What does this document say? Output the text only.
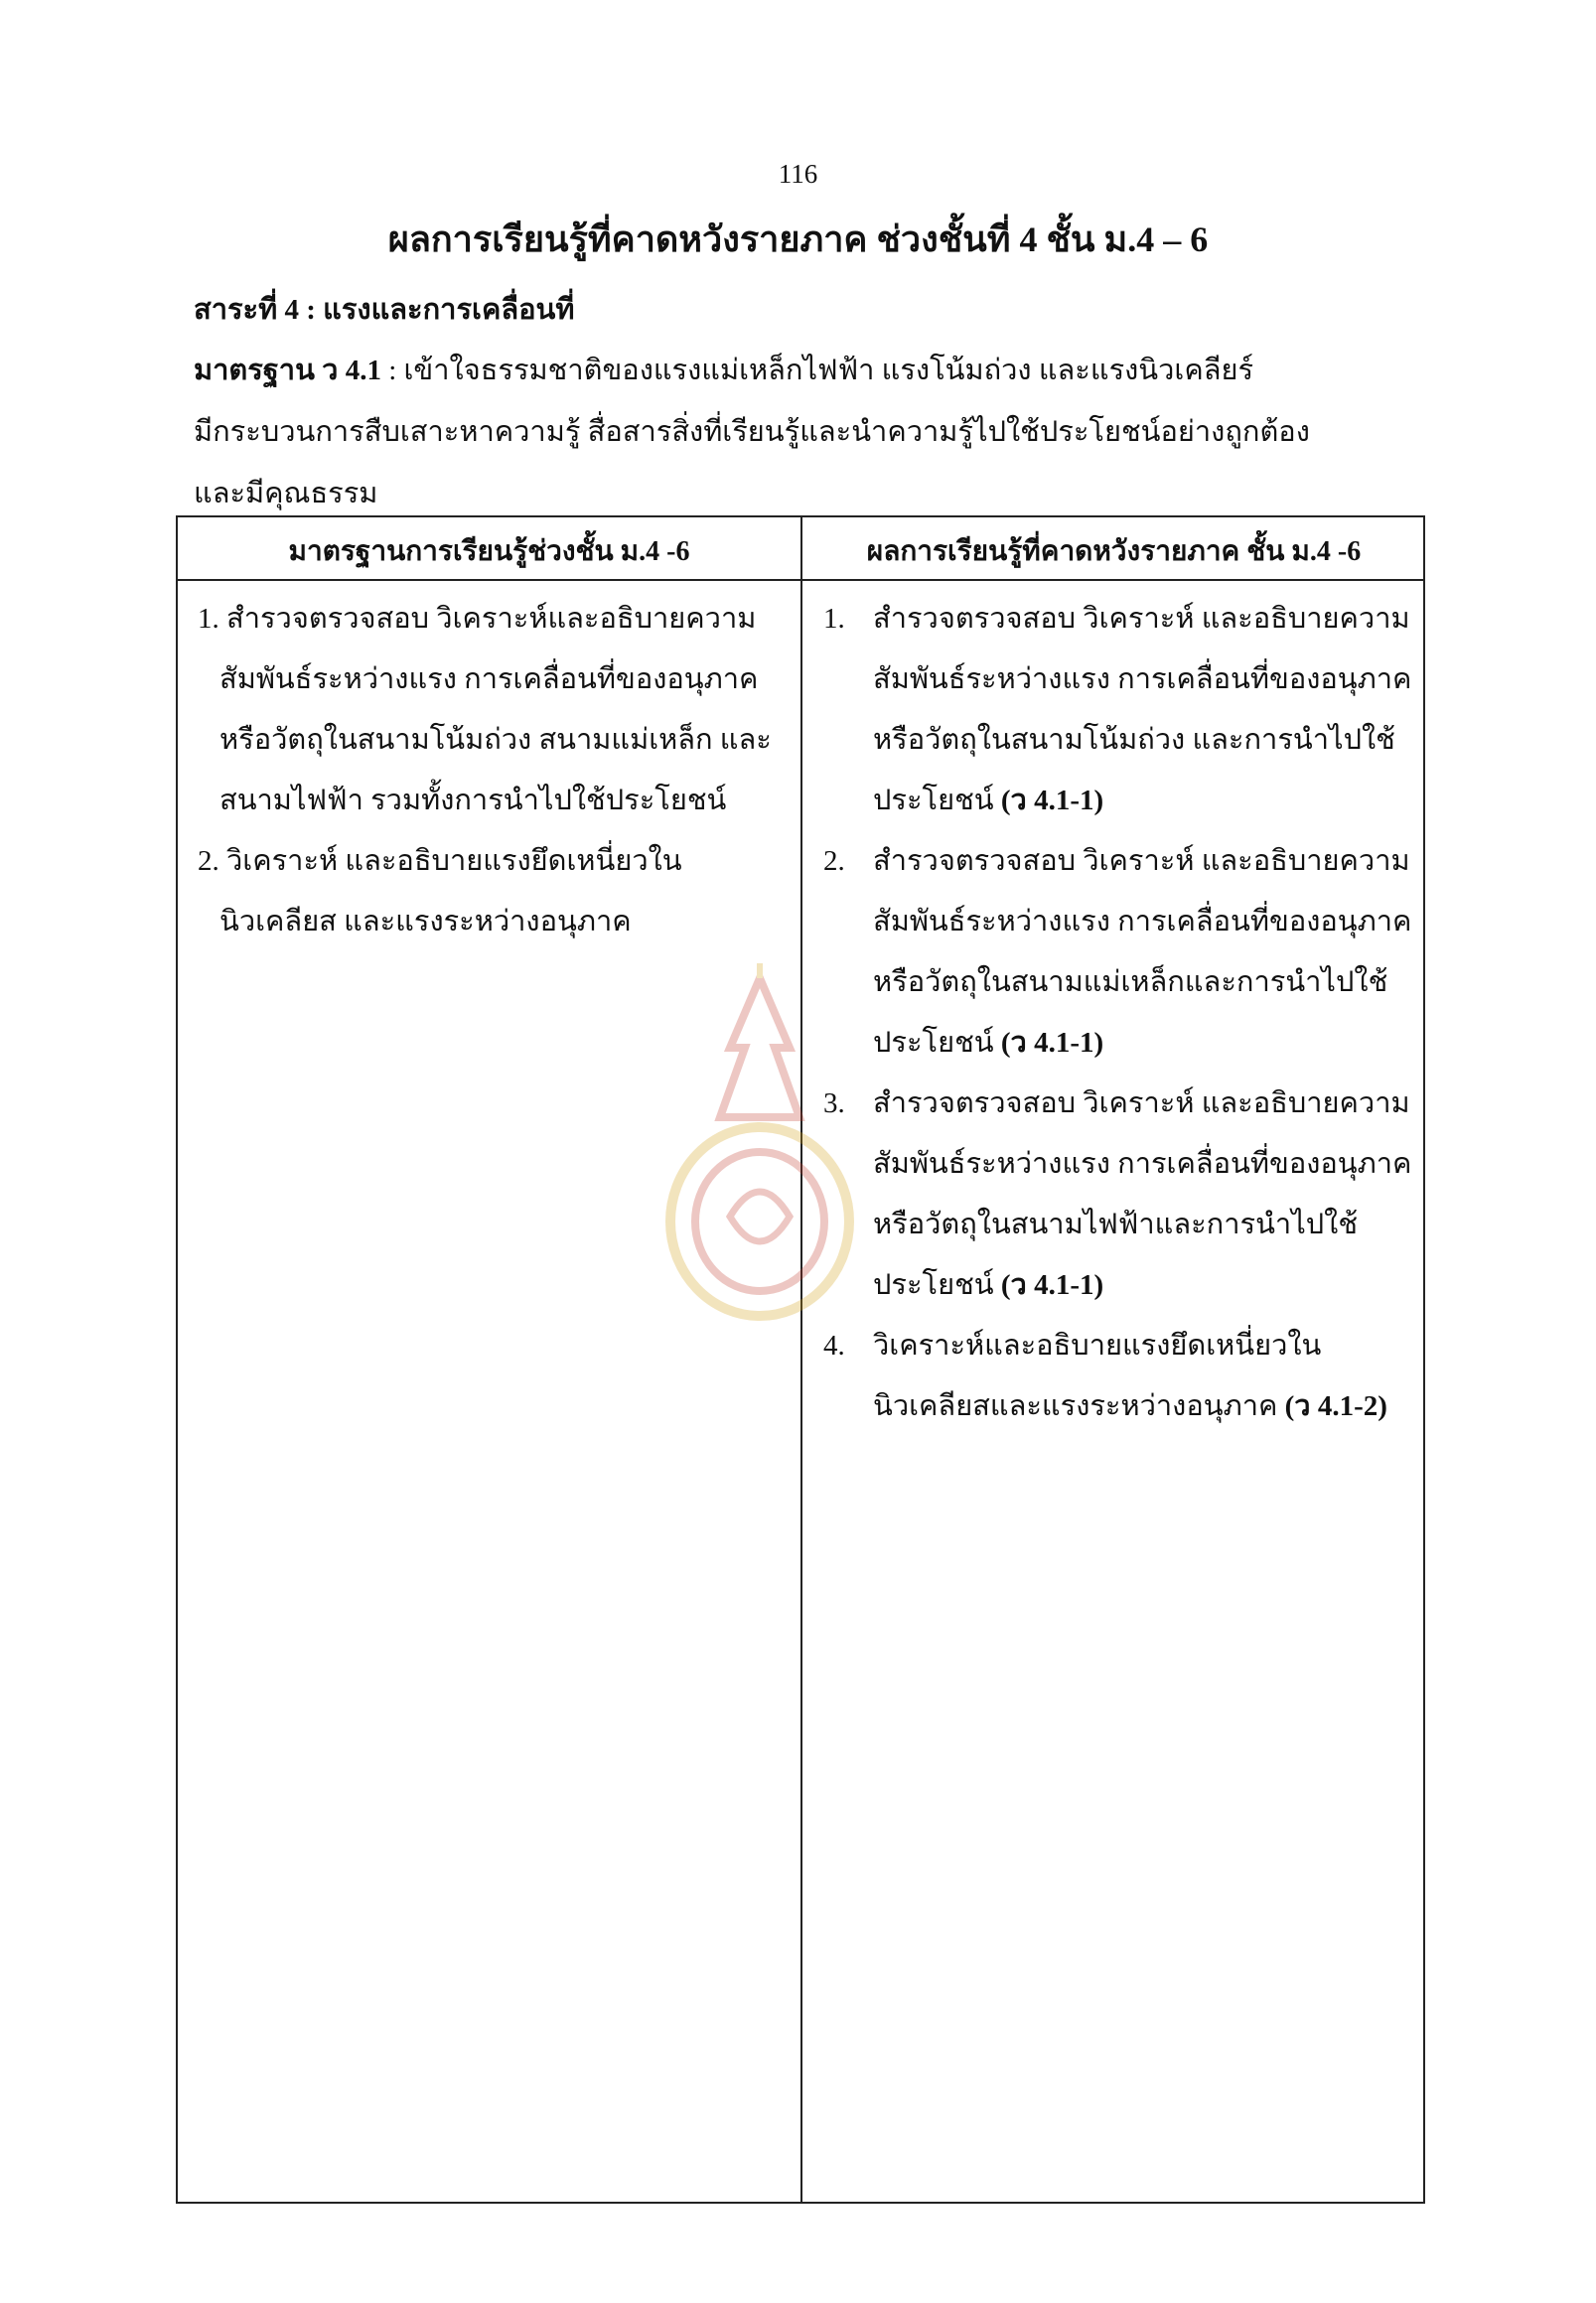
116
ผลการเรียนรู้ที่คาดหวังรายภาค ช่วงชั้นที่ 4 ชั้น ม.4 – 6
สาระที่ 4 : แรงและการเคลื่อนที่
มาตรฐาน ว 4.1 : เข้าใจธรรมชาติของแรงแม่เหล็กไฟฟ้า แรงโน้มถ่วง และแรงนิวเคลียร์
มีกระบวนการสืบเสาะหาความรู้ สื่อสารสิ่งที่เรียนรู้และนำความรู้ไปใช้ประโยชน์อย่างถูกต้อง
และมีคุณธรรม
มาตรฐานการเรียนรู้ช่วงชั้น ม.4 -6	ผลการเรียนรู้ที่คาดหวังรายภาค ชั้น ม.4 -6
1. สำรวจตรวจสอบ วิเคราะห์และอธิบายความสัมพันธ์ระหว่างแรง การเคลื่อนที่ของอนุภาคหรือวัตถุในสนามโน้มถ่วง สนามแม่เหล็ก และสนามไฟฟ้า รวมทั้งการนำไปใช้ประโยชน์
2. วิเคราะห์ และอธิบายแรงยึดเหนี่ยวในนิวเคลียส และแรงระหว่างอนุภาค
1. สำรวจตรวจสอบ วิเคราะห์ และอธิบายความสัมพันธ์ระหว่างแรง การเคลื่อนที่ของอนุภาคหรือวัตถุในสนามโน้มถ่วง และการนำไปใช้ประโยชน์ (ว 4.1-1)
2. สำรวจตรวจสอบ วิเคราะห์ และอธิบายความสัมพันธ์ระหว่างแรง การเคลื่อนที่ของอนุภาคหรือวัตถุในสนามแม่เหล็กและการนำไปใช้ประโยชน์ (ว 4.1-1)
3. สำรวจตรวจสอบ วิเคราะห์ และอธิบายความสัมพันธ์ระหว่างแรง การเคลื่อนที่ของอนุภาคหรือวัตถุในสนามไฟฟ้าและการนำไปใช้ประโยชน์ (ว 4.1-1)
4. วิเคราะห์และอธิบายแรงยึดเหนี่ยวในนิวเคลียสและแรงระหว่างอนุภาค (ว 4.1-2)
